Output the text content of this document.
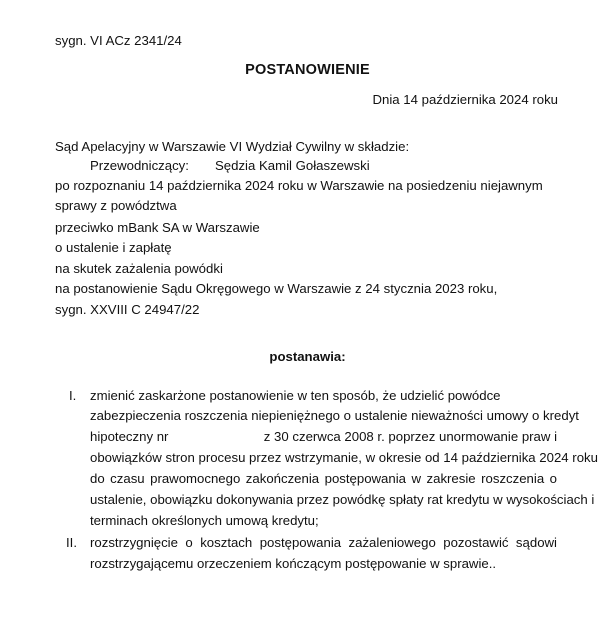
sygn. VI ACz 2341/24
POSTANOWIENIE
Dnia 14 października 2024 roku
Sąd Apelacyjny w Warszawie VI Wydział Cywilny w składzie:
Przewodniczący: Sędzia Kamil Gołaszewski
po rozpoznaniu 14 października 2024 roku w Warszawie na posiedzeniu niejawnym
sprawy z powództwa
przeciwko mBank SA w Warszawie
o ustalenie i zapłatę
na skutek zażalenia powódki
na postanowienie Sądu Okręgowego w Warszawie z 24 stycznia 2023 roku,
sygn. XXVIII C 24947/22
postanawia:
I. zmienić zaskarżone postanowienie w ten sposób, że udzielić powódce
zabezpieczenia roszczenia niepieniężnego o ustalenie nieważności umowy o kredyt
hipoteczny nr	z 30 czerwca 2008 r. poprzez unormowanie praw i
obowiązków stron procesu przez wstrzymanie, w okresie od 14 października 2024 roku
do czasu prawomocnego zakończenia postępowania w zakresie roszczenia o
ustalenie, obowiązku dokonywania przez powódkę spłaty rat kredytu w wysokościach i
terminach określonych umową kredytu;
II. rozstrzygnięcie o kosztach postępowania zażaleniowego pozostawić sądowi
rozstrzygającemu orzeczeniem kończącym postępowanie w sprawie..
